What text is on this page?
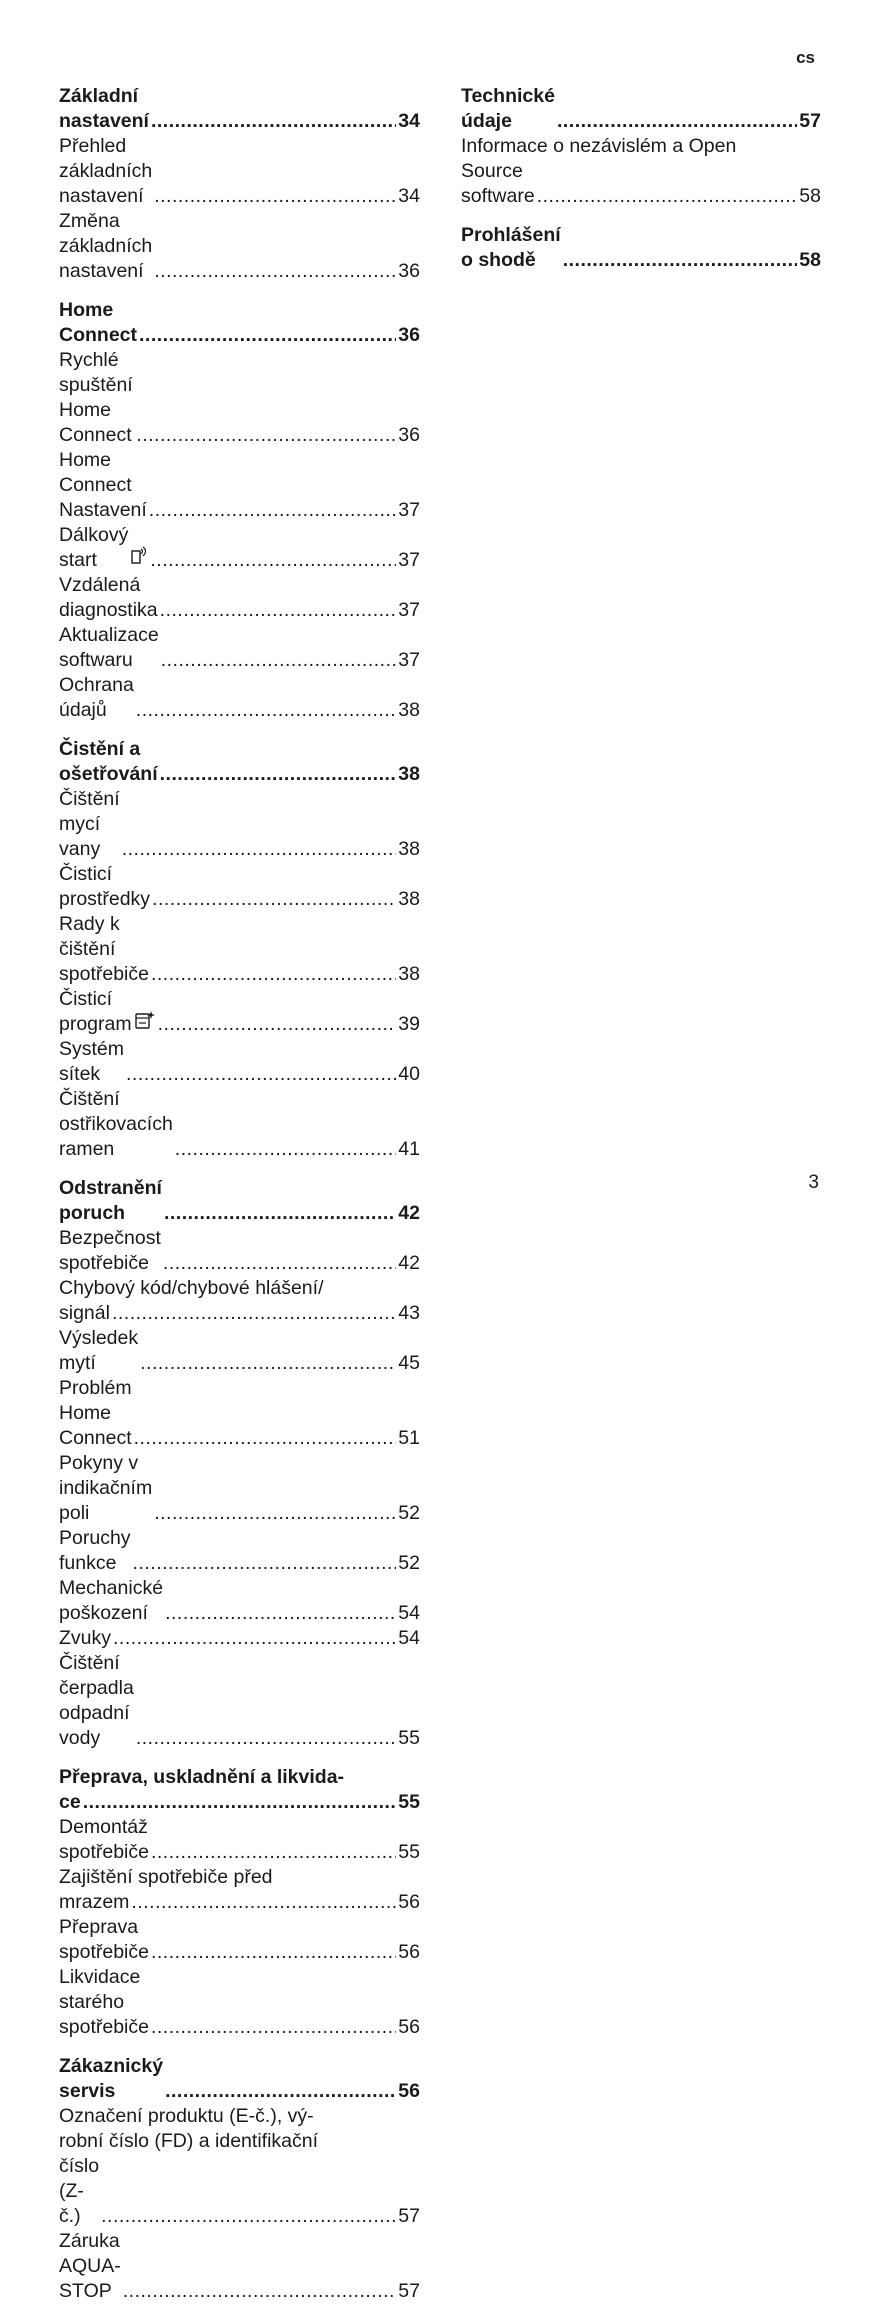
cs
Základní nastavení .....	34
Přehled základních nastavení .....	34
Změna základních nastavení .....	36
Home Connect .....	36
Rychlé spuštění Home Connect .....	36
Home Connect Nastavení .....	37
Dálkový start .....	37
Vzdálená diagnostika .....	37
Aktualizace softwaru .....	37
Ochrana údajů .....	38
Čistění a ošetřování .....	38
Čištění mycí vany .....	38
Čisticí prostředky .....	38
Rady k čištění spotřebiče .....	38
Čisticí program .....	39
Systém sítek .....	40
Čištění ostřikovacích ramen .....	41
Odstranění poruch .....	42
Bezpečnost spotřebiče .....	42
Chybový kód/chybové hlášení/
signál .....	43
Výsledek mytí .....	45
Problém Home Connect .....	51
Pokyny v indikačním poli .....	52
Poruchy funkce .....	52
Mechanické poškození .....	54
Zvuky .....	54
Čištění čerpadla odpadní vody .....	55
Přeprava, uskladnění a likvida-
ce .....	55
Demontáž spotřebiče .....	55
Zajištění spotřebiče před
mrazem .....	56
Přeprava spotřebiče .....	56
Likvidace starého spotřebiče .....	56
Zákaznický servis .....	56
Označení produktu (E-č.), vý-
robní číslo (FD) a identifikační
číslo (Z-č.) .....	57
Záruka AQUA-STOP .....	57
Technické údaje .....	57
Informace o nezávislém a Open
Source software .....	58
Prohlášení o shodě .....	58
3
